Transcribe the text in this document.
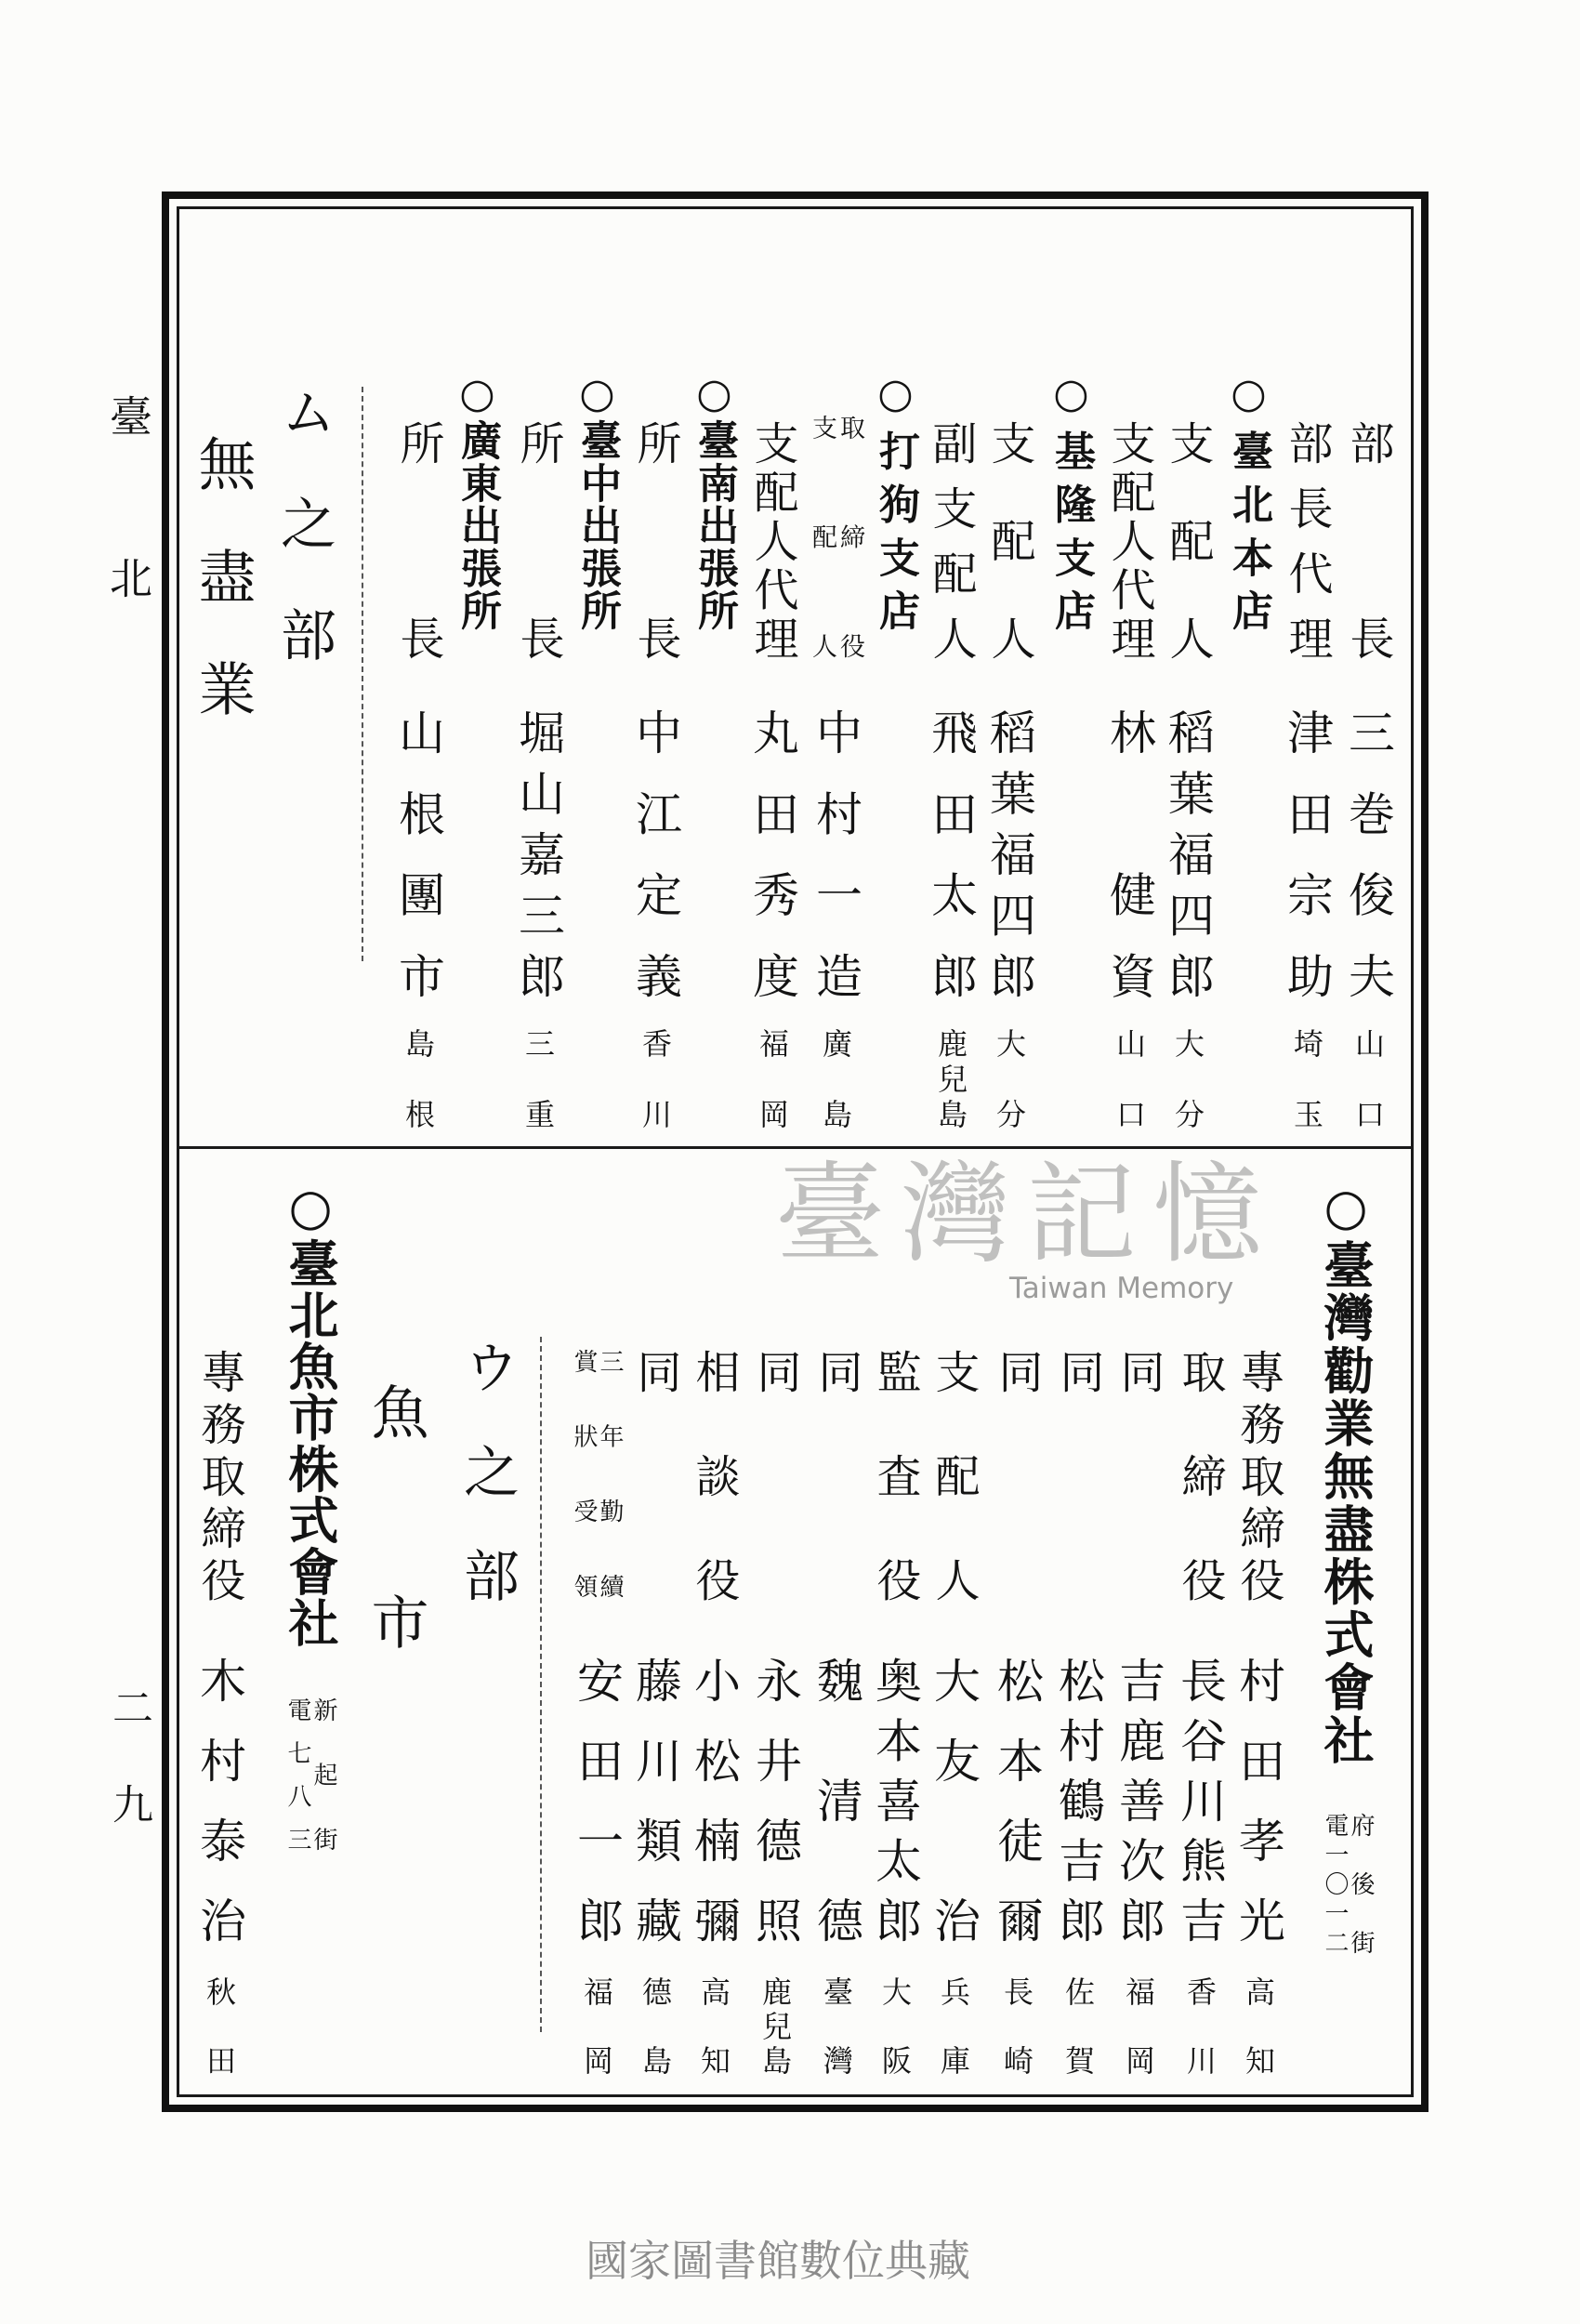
臺北
二九
部長
三巻俊夫
山口
部長代理
津田宗助
埼玉
○臺北本店
支配人
稻葉福四郎
大分
支配人代理
林　健資
山口
○基隆支店
支配人
稻葉福四郎
大分
副支配人
飛田太郎
鹿兒島
○打狗支店
取締役
支配人
中村一造
廣島
支配人代理
丸田秀度
福岡
○臺南出張所
所長
中江定義
香川
○臺中出張所
所長
堀山嘉三郎
三重
○廣東出張所
所長
山根團市
島根
ム之部
無盡業
○臺灣勸業無盡株式會社
府後街
電一〇一二
專務取締役
村田孝光
高知
取締役
長谷川熊吉
香川
同
吉鹿善次郎
福岡
同
松村鶴吉郎
佐賀
同
松本徒爾
長崎
支配人
大友　治
兵庫
監査役
奥本喜太郎
大阪
同
魏清德
臺灣
同
永井德照
鹿兒島
相談役
小松楠彌
高知
同
藤川類藏
德島
三年勤續
賞狀受領
安田一郎
福岡
ウ之部
魚市
○臺北魚市株式會社
新起街
電七八三
專務取締役
木村泰治
秋田
臺灣記憶
Taiwan Memory
國家圖書館數位典藏
